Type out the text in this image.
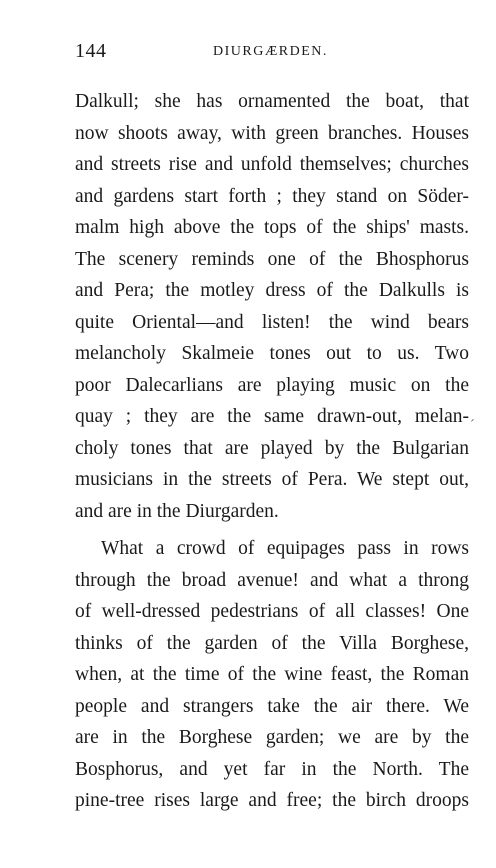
144	DIURGÆRDEN.
Dalkull; she has ornamented the boat, that
now shoots away, with green branches. Houses
and streets rise and unfold themselves; churches
and gardens start forth ; they stand on Söder-
malm high above the tops of the ships' masts.
The scenery reminds one of the Bhosphorus
and Pera; the motley dress of the Dalkulls is
quite Oriental—and listen! the wind bears
melancholy Skalmeie tones out to us. Two
poor Dalecarlians are playing music on the
quay ; they are the same drawn-out, melan-
choly tones that are played by the Bulgarian
musicians in the streets of Pera. We stept out,
and are in the Diurgarden.
What a crowd of equipages pass in rows
through the broad avenue! and what a throng
of well-dressed pedestrians of all classes! One
thinks of the garden of the Villa Borghese,
when, at the time of the wine feast, the Roman
people and strangers take the air there. We
are in the Borghese garden; we are by the
Bosphorus, and yet far in the North. The
pine-tree rises large and free; the birch droops
´
